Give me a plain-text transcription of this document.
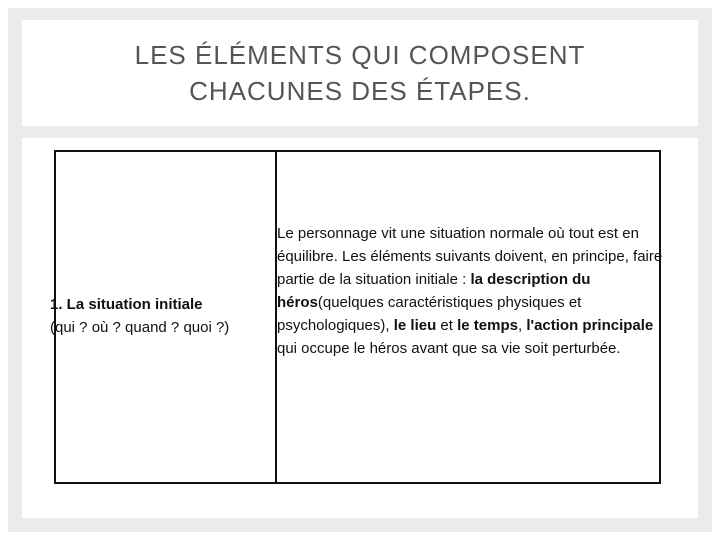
LES ÉLÉMENTS QUI COMPOSENT
CHACUNES DES ÉTAPES.
1. La situation initiale
(qui ? où ? quand ? quoi ?)
Le personnage vit une situation normale où tout est en équilibre. Les éléments suivants doivent, en principe, faire partie de la situation initiale : la description du héros(quelques caractéristiques physiques et psychologiques), le lieu et le temps, l'action principale qui occupe le héros avant que sa vie soit perturbée.
